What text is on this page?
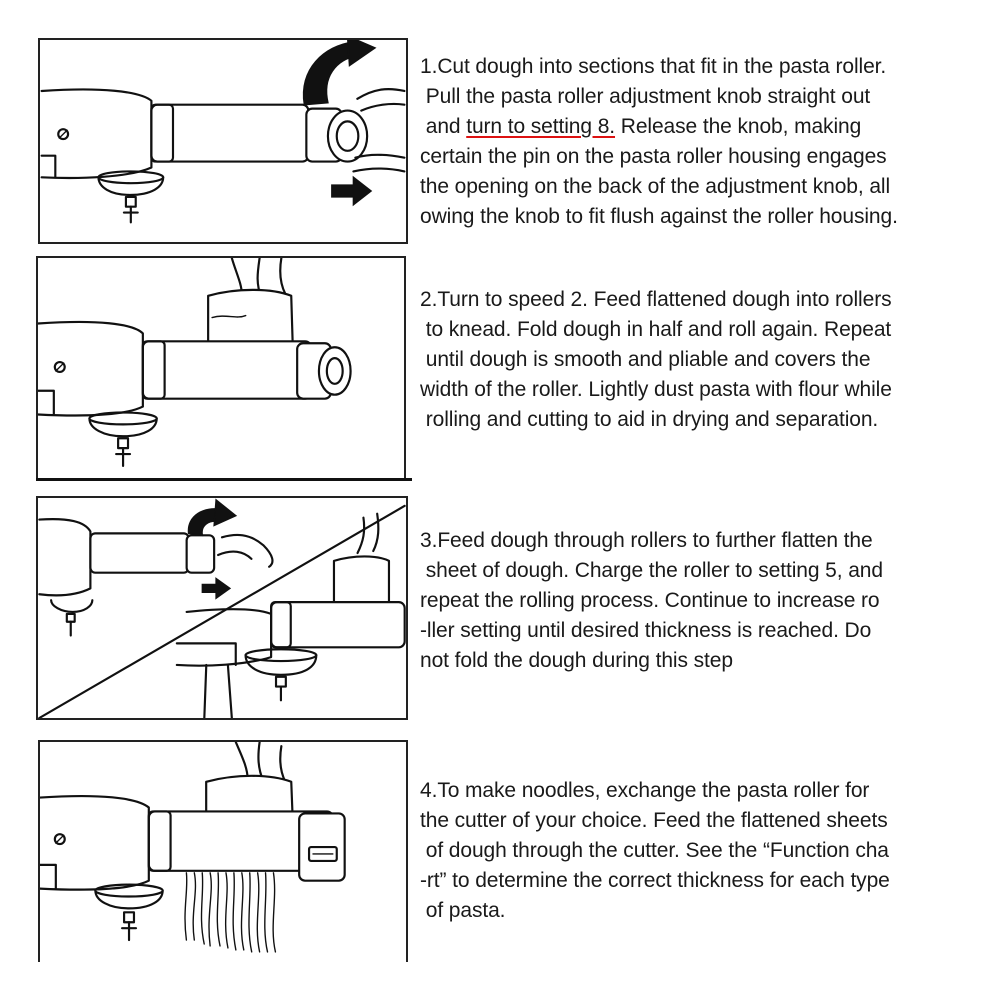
1.Cut dough into sections that fit in the pasta roller.
Pull the pasta roller adjustment knob straight out
and turn to setting 8. Release the knob, making
certain the pin on the pasta roller housing engages
the opening on the back of the adjustment knob, all
owing the knob to fit flush against the roller housing.
2.Turn to speed 2. Feed flattened dough into rollers
to knead. Fold dough in half and roll again. Repeat
until dough is smooth and pliable and covers the
width of the roller. Lightly dust pasta with flour while
rolling and cutting to aid in drying and separation.
3.Feed dough through rollers to further flatten the
sheet of dough. Charge the roller to setting 5, and
repeat the rolling process. Continue to increase ro
-ller setting until desired thickness is reached. Do
not fold the dough during this step
4.To make noodles, exchange the pasta roller for
the cutter of your choice. Feed the flattened sheets
of dough through the cutter. See the “Function cha
-rt” to determine the correct thickness for each type
of pasta.
